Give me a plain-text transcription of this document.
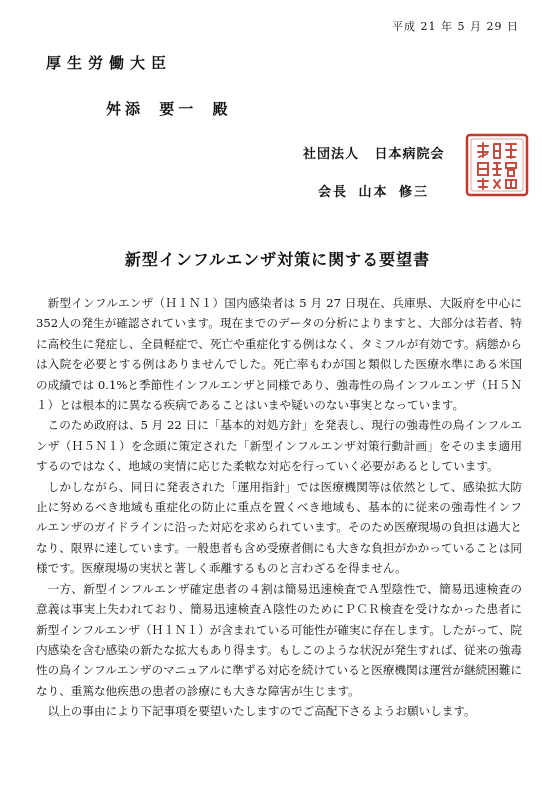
平成 21 年 5 月 29 日
厚生労働大臣
舛添 要一 殿
社団法人 日本病院会
会長 山本 修三
新型インフルエンザ対策に関する要望書

新型インフルエンザ（Ｈ１Ｎ１）国内感染者は 5 月 27 日現在、兵庫県、大阪府を中心に352人の発生が確認されています。現在までのデータの分析によりますと、大部分は若者、特に高校生に発症し、全員軽症で、死亡や重症化する例はなく、タミフルが有効です。病態からは入院を必要とする例はありませんでした。死亡率もわが国と類似した医療水準にある米国の成績では 0.1%と季節性インフルエンザと同様であり、強毒性の鳥インフルエンザ（Ｈ５Ｎ１）とは根本的に異なる疾病であることはいまや疑いのない事実となっています。

このため政府は、5 月 22 日に「基本的対処方針」を発表し、現行の強毒性の鳥インフルエンザ（Ｈ５Ｎ１）を念頭に策定された「新型インフルエンザ対策行動計画」をそのまま適用するのではなく、地域の実情に応じた柔軟な対応を行っていく必要があるとしています。

しかしながら、同日に発表された「運用指針」では医療機関等は依然として、感染拡大防止に努めるべき地域も重症化の防止に重点を置くべき地域も、基本的に従来の強毒性インフルエンザのガイドラインに沿った対応を求められています。そのため医療現場の負担は過大となり、限界に達しています。一般患者も含め受療者側にも大きな負担がかかっていることは同様です。医療現場の実状と著しく乖離するものと言わざるを得ません。

一方、新型インフルエンザ確定患者の４割は簡易迅速検査でＡ型陰性で、簡易迅速検査の意義は事実上失われており、簡易迅速検査Ａ陰性のためにＰＣＲ検査を受けなかった患者に新型インフルエンザ（Ｈ１Ｎ１）が含まれている可能性が確実に存在します。したがって、院内感染を含む感染の新たな拡大もあり得ます。もしこのような状況が発生すれば、従来の強毒性の鳥インフルエンザのマニュアルに準ずる対応を続けていると医療機関は運営が継続困難になり、重篤な他疾患の患者の診療にも大きな障害が生じます。

以上の事由により下記事項を要望いたしますのでご高配下さるようお願いします。
